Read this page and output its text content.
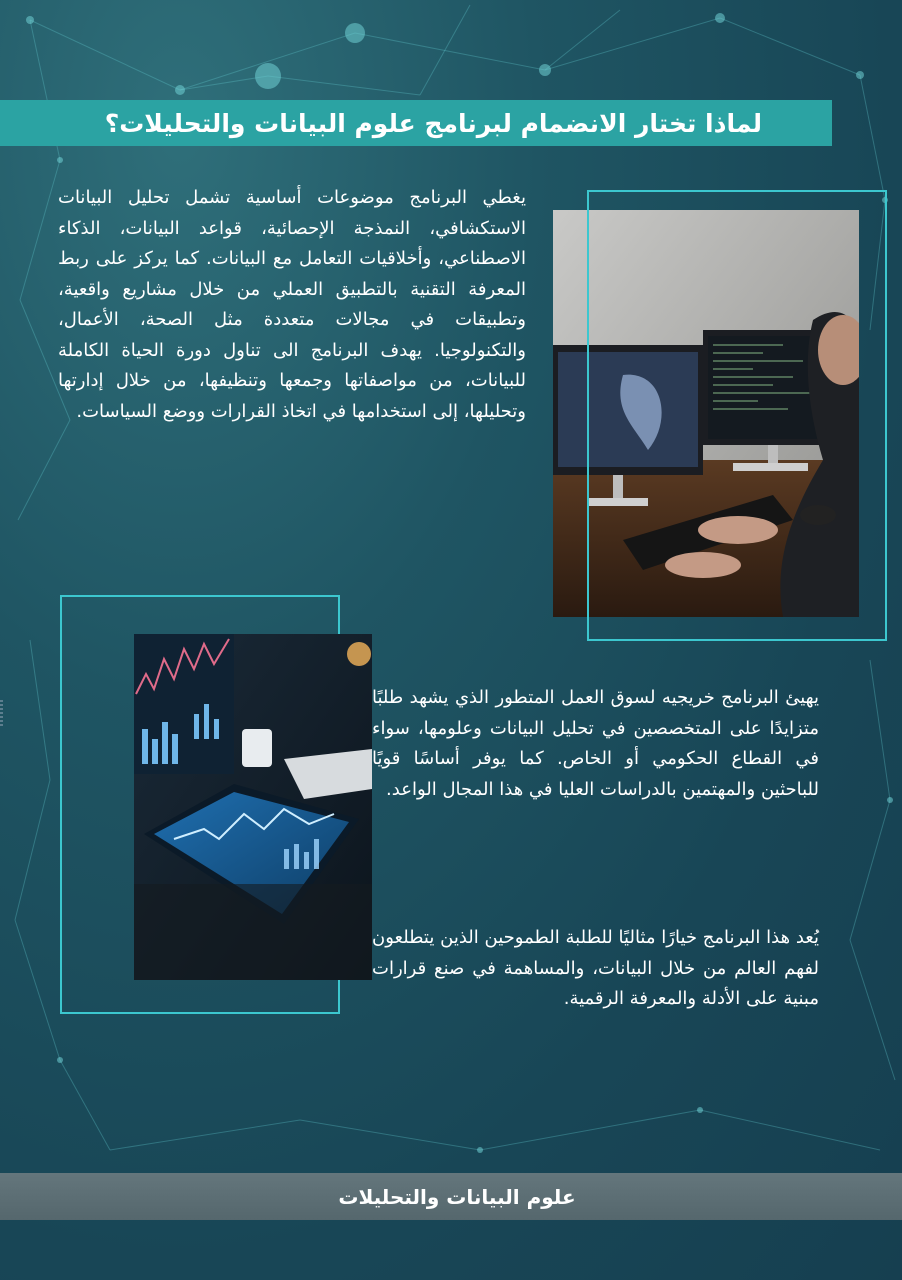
لماذا تختار الانضمام لبرنامج علوم البيانات والتحليلات؟

يغطي البرنامج موضوعات أساسية تشمل تحليل البيانات الاستكشافي، النمذجة الإحصائية، قواعد البيانات، الذكاء الاصطناعي، وأخلاقيات التعامل مع البيانات. كما يركز على ربط المعرفة التقنية بالتطبيق العملي من خلال مشاريع واقعية، وتطبيقات في مجالات متعددة مثل الصحة، الأعمال، والتكنولوجيا. يهدف البرنامج الى تناول دورة الحياة الكاملة للبيانات، من مواصفاتها وجمعها وتنظيفها، من خلال إدارتها وتحليلها، إلى استخدامها في اتخاذ القرارات ووضع السياسات.

يهيئ البرنامج خريجيه لسوق العمل المتطور الذي يشهد طلبًا متزايدًا على المتخصصين في تحليل البيانات وعلومها، سواء في القطاع الحكومي أو الخاص. كما يوفر أساسًا قويًا للباحثين والمهتمين بالدراسات العليا في هذا المجال الواعد.

يُعد هذا البرنامج خيارًا مثاليًا للطلبة الطموحين الذين يتطلعون لفهم العالم من خلال البيانات، والمساهمة في صنع قرارات مبنية على الأدلة والمعرفة الرقمية.

علوم البيانات والتحليلات
